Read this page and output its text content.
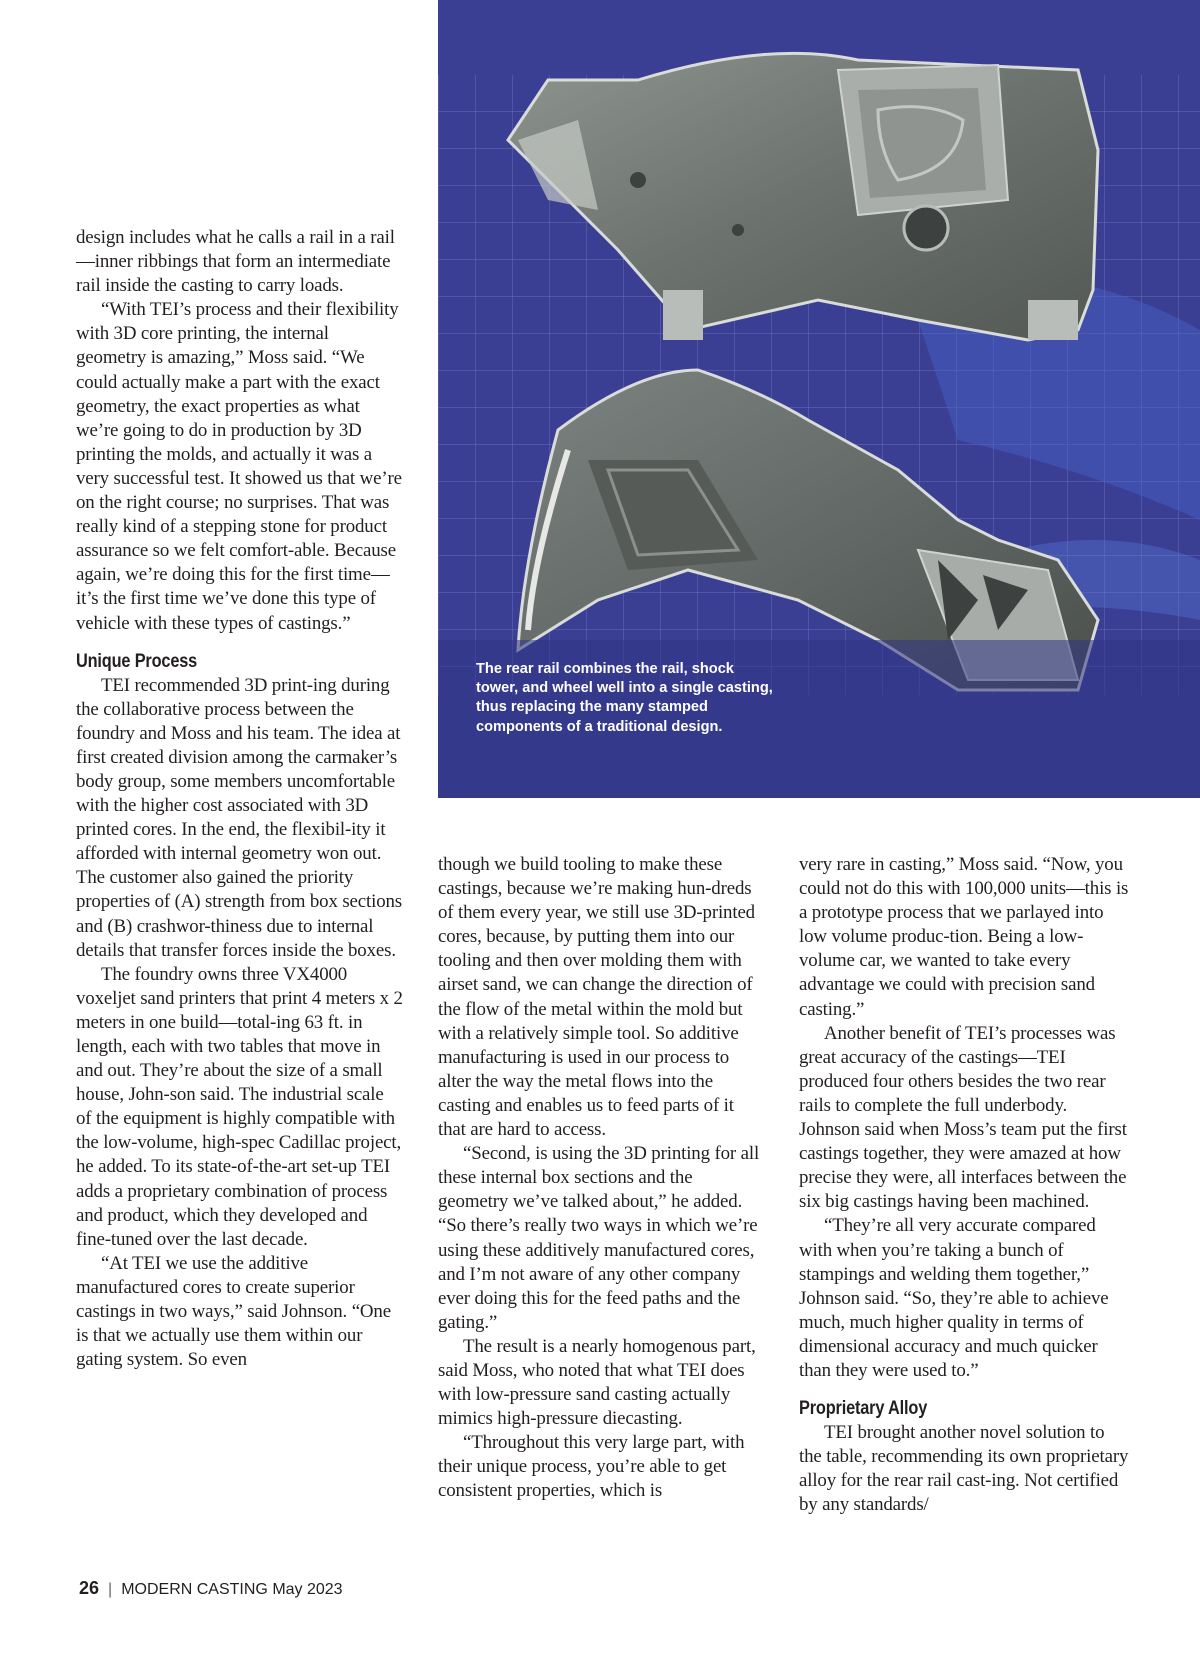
design includes what he calls a rail in a rail—inner ribbings that form an intermediate rail inside the casting to carry loads.

“With TEI’s process and their flexibility with 3D core printing, the internal geometry is amazing,” Moss said. “We could actually make a part with the exact geometry, the exact properties as what we’re going to do in production by 3D printing the molds, and actually it was a very successful test. It showed us that we’re on the right course; no surprises. That was really kind of a stepping stone for product assurance so we felt comfort-able. Because again, we’re doing this for the first time—it’s the first time we’ve done this type of vehicle with these types of castings.”

Unique Process

TEI recommended 3D print-ing during the collaborative process between the foundry and Moss and his team. The idea at first created division among the carmaker’s body group, some members uncomfortable with the higher cost associated with 3D printed cores. In the end, the flexibil-ity it afforded with internal geometry won out. The customer also gained the priority properties of (A) strength from box sections and (B) crashwor-thiness due to internal details that transfer forces inside the boxes.

The foundry owns three VX4000 voxeljet sand printers that print 4 meters x 2 meters in one build—total-ing 63 ft. in length, each with two tables that move in and out. They’re about the size of a small house, John-son said. The industrial scale of the equipment is highly compatible with the low-volume, high-spec Cadillac project, he added. To its state-of-the-art set-up TEI adds a proprietary combination of process and product, which they developed and fine-tuned over the last decade.

“At TEI we use the additive manufactured cores to create superior castings in two ways,” said Johnson. “One is that we actually use them within our gating system. So even

The rear rail combines the rail, shock tower, and wheel well into a single casting, thus replacing the many stamped components of a traditional design.

though we build tooling to make these castings, because we’re making hun-dreds of them every year, we still use 3D-printed cores, because, by putting them into our tooling and then over molding them with airset sand, we can change the direction of the flow of the metal within the mold but with a relatively simple tool. So additive manufacturing is used in our process to alter the way the metal flows into the casting and enables us to feed parts of it that are hard to access.

“Second, is using the 3D printing for all these internal box sections and the geometry we’ve talked about,” he added. “So there’s really two ways in which we’re using these additively manufactured cores, and I’m not aware of any other company ever doing this for the feed paths and the gating.”

The result is a nearly homogenous part, said Moss, who noted that what TEI does with low-pressure sand casting actually mimics high-pressure diecasting.

“Throughout this very large part, with their unique process, you’re able to get consistent properties, which is

very rare in casting,” Moss said. “Now, you could not do this with 100,000 units—this is a prototype process that we parlayed into low volume produc-tion. Being a low-volume car, we wanted to take every advantage we could with precision sand casting.”

Another benefit of TEI’s processes was great accuracy of the castings—TEI produced four others besides the two rear rails to complete the full underbody. Johnson said when Moss’s team put the first castings together, they were amazed at how precise they were, all interfaces between the six big castings having been machined.

“They’re all very accurate compared with when you’re taking a bunch of stampings and welding them together,” Johnson said. “So, they’re able to achieve much, much higher quality in terms of dimensional accuracy and much quicker than they were used to.”

Proprietary Alloy

TEI brought another novel solution to the table, recommending its own proprietary alloy for the rear rail cast-ing. Not certified by any standards/

26 | MODERN CASTING May 2023
